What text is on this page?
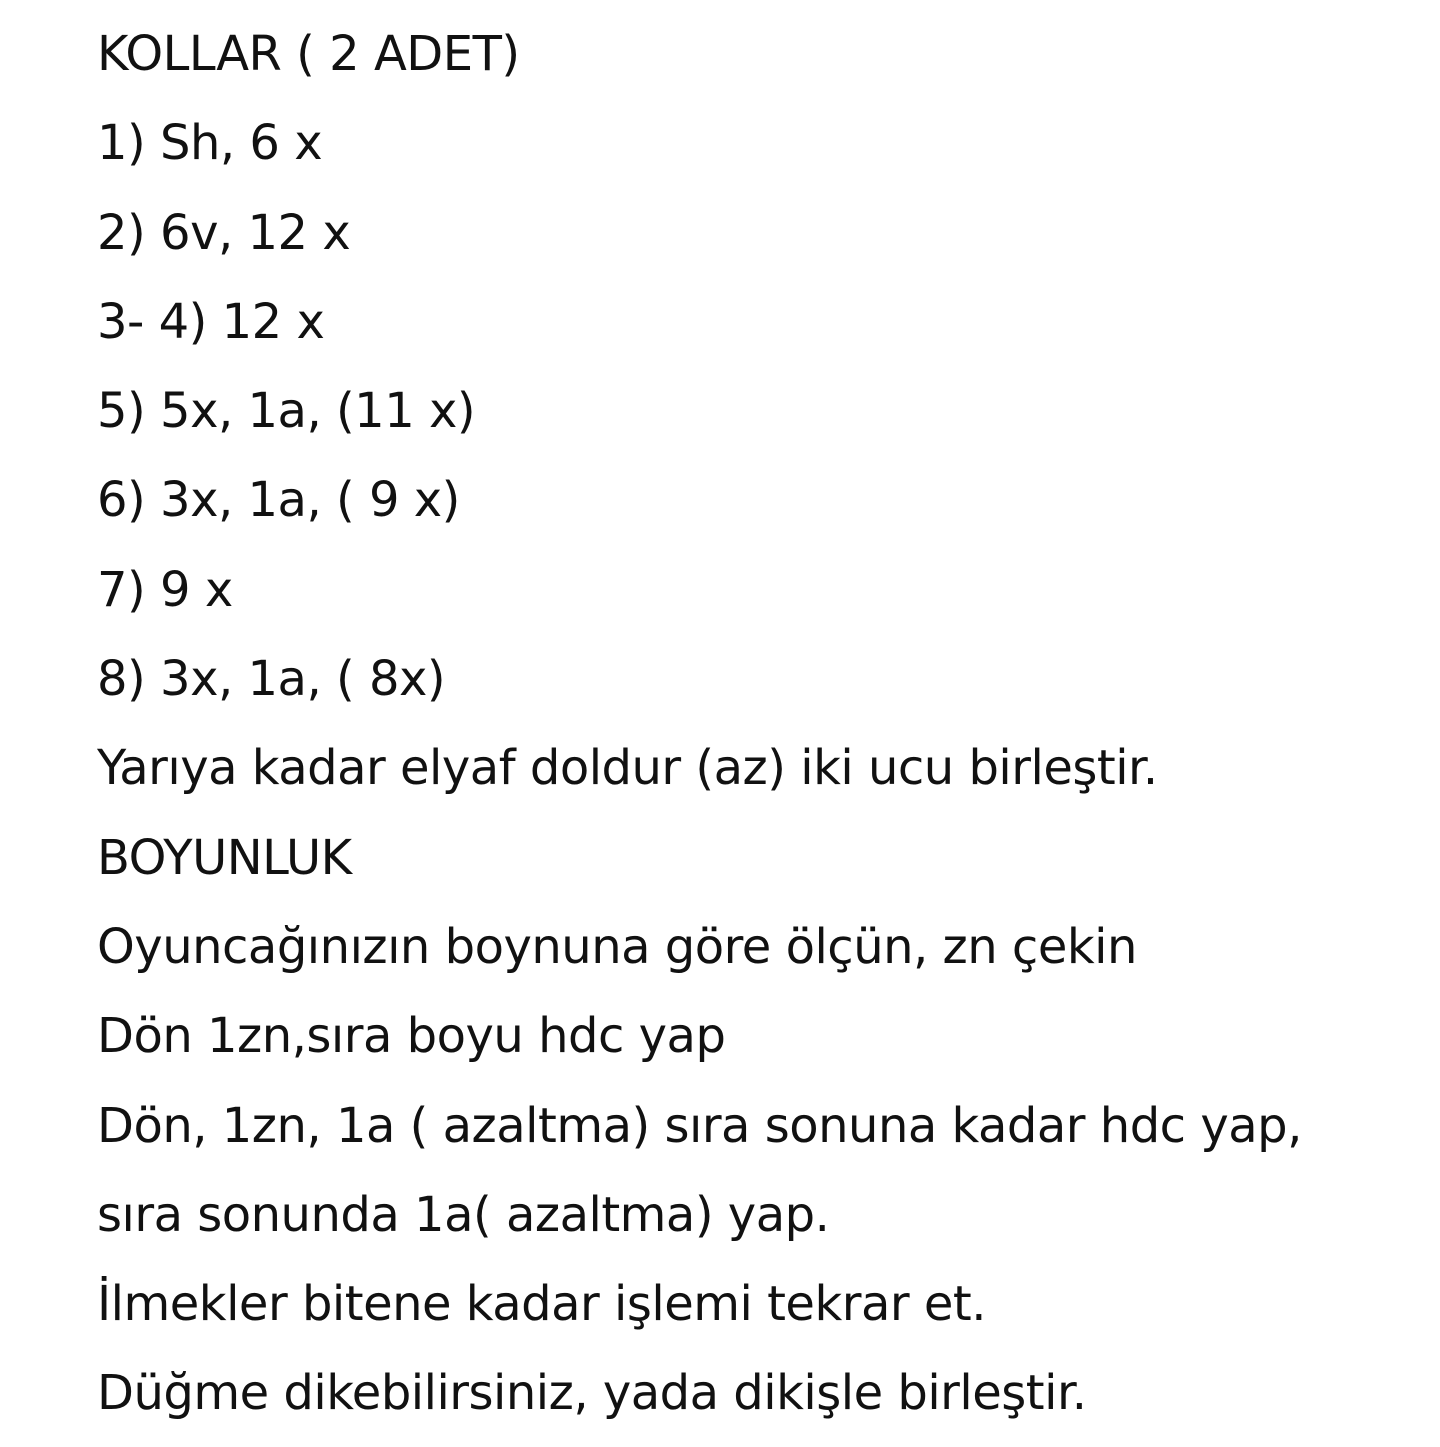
KOLLAR ( 2 ADET)
1) Sh, 6 x
2) 6v, 12 x
3- 4) 12 x
5) 5x, 1a, (11 x)
6) 3x, 1a, ( 9 x)
7) 9 x
8) 3x, 1a, ( 8x)
Yarıya kadar elyaf doldur (az) iki ucu birleştir.
BOYUNLUK
Oyuncağınızın boynuna göre ölçün, zn çekin
Dön 1zn,sıra boyu hdc yap
Dön, 1zn, 1a ( azaltma) sıra sonuna kadar hdc yap,
sıra sonunda 1a( azaltma) yap.
İlmekler bitene kadar işlemi tekrar et.
Düğme dikebilirsiniz, yada dikişle birleştir.
